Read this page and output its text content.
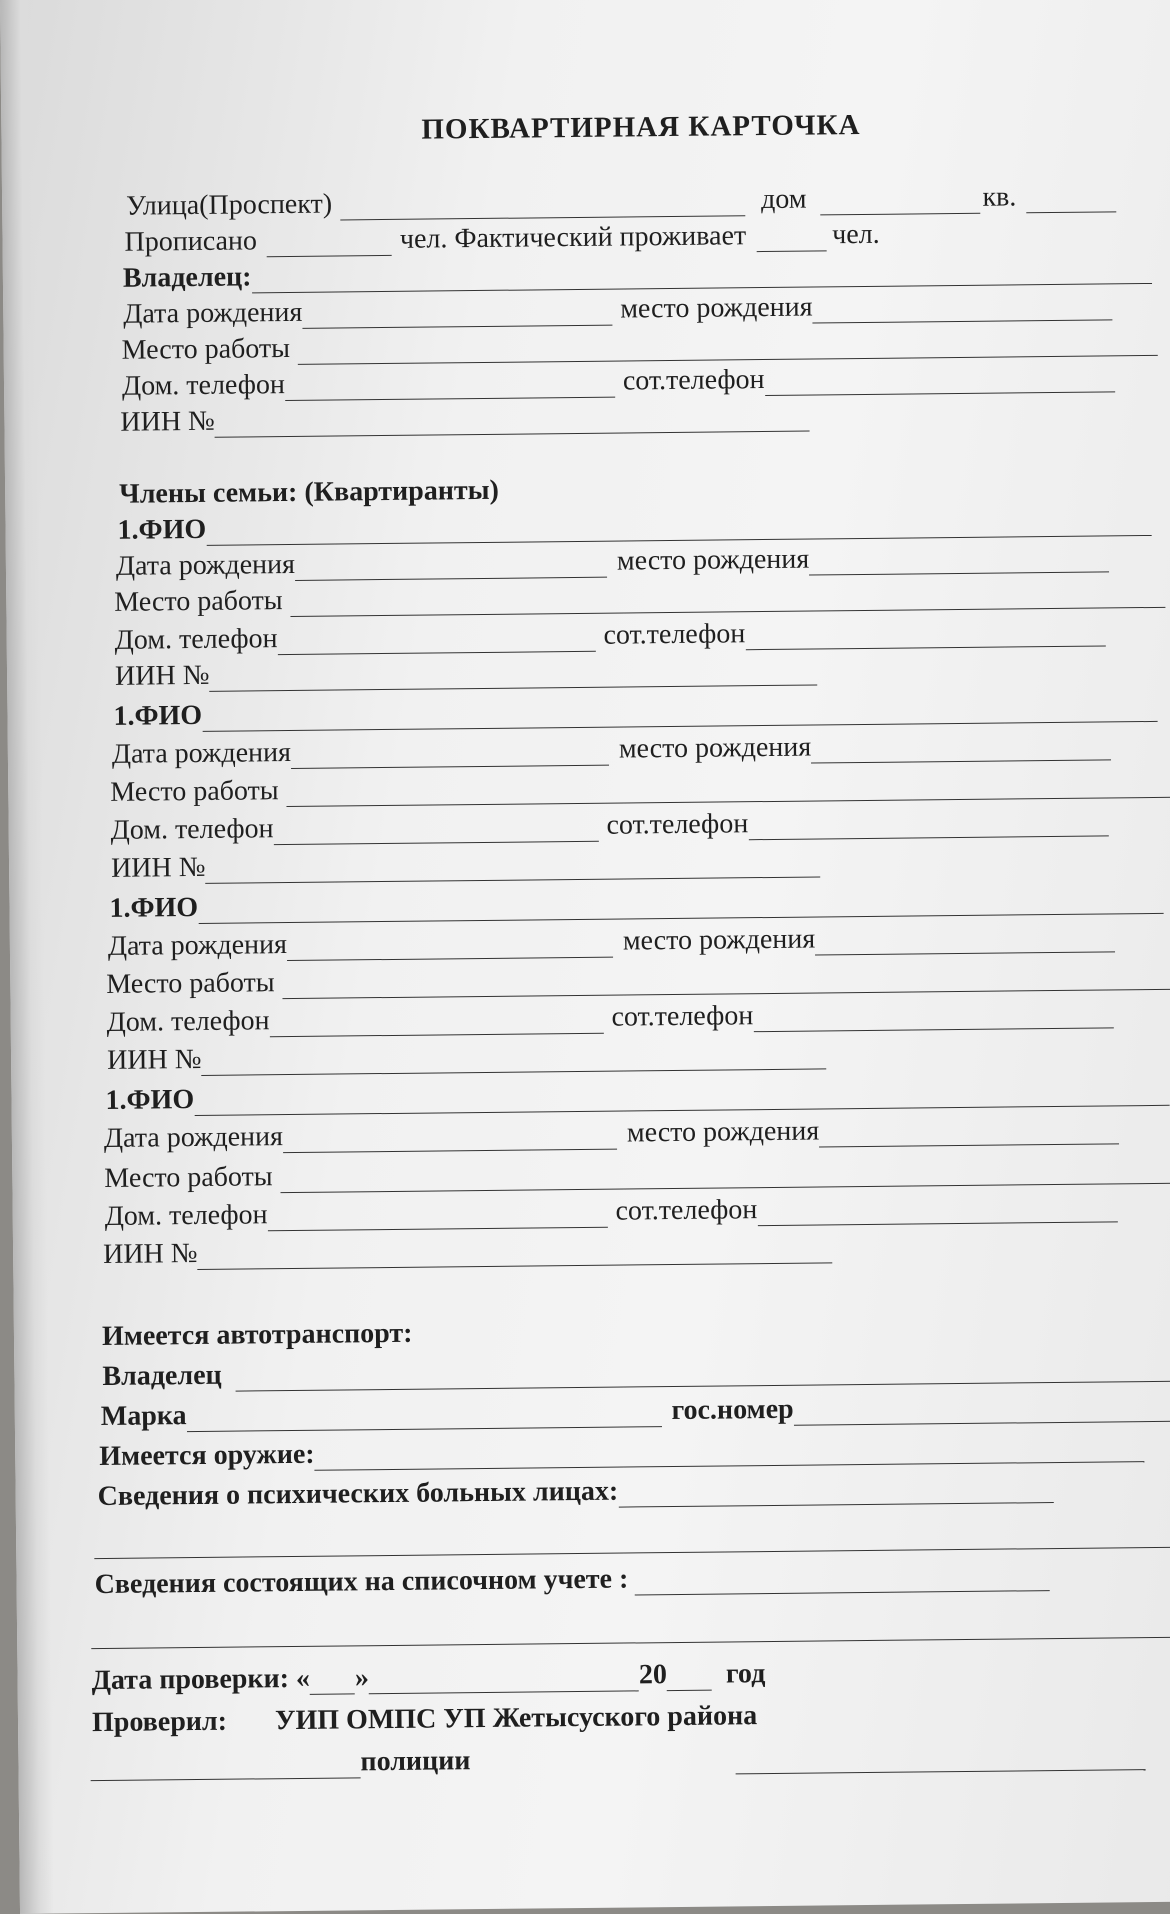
ПОКВАРТИРНАЯ КАРТОЧКА
Улица(Проспект)	дом	кв.
Прописано	чел. Фактический проживает	чел.
Владелец:
Дата рождения	место рождения
Место работы
Дом. телефон	сот.телефон
ИИН №
Члены семьи: (Квартиранты)
1.ФИО
Дата рождения	место рождения
Место работы
Дом. телефон	сот.телефон
ИИН №
1.ФИО
Дата рождения	место рождения
Место работы
Дом. телефон	сот.телефон
ИИН №
1.ФИО
Дата рождения	место рождения
Место работы
Дом. телефон	сот.телефон
ИИН №
1.ФИО
Дата рождения	место рождения
Место работы
Дом. телефон	сот.телефон
ИИН №
Имеется автотранспорт:
Владелец
Марка	гос.номер
Имеется оружие:
Сведения о психических больных лицах:
Сведения состоящих на списочном учете :
Дата проверки: « »	20 год
Проверил: УИП ОМПС УП Жетысуского района
полиции
